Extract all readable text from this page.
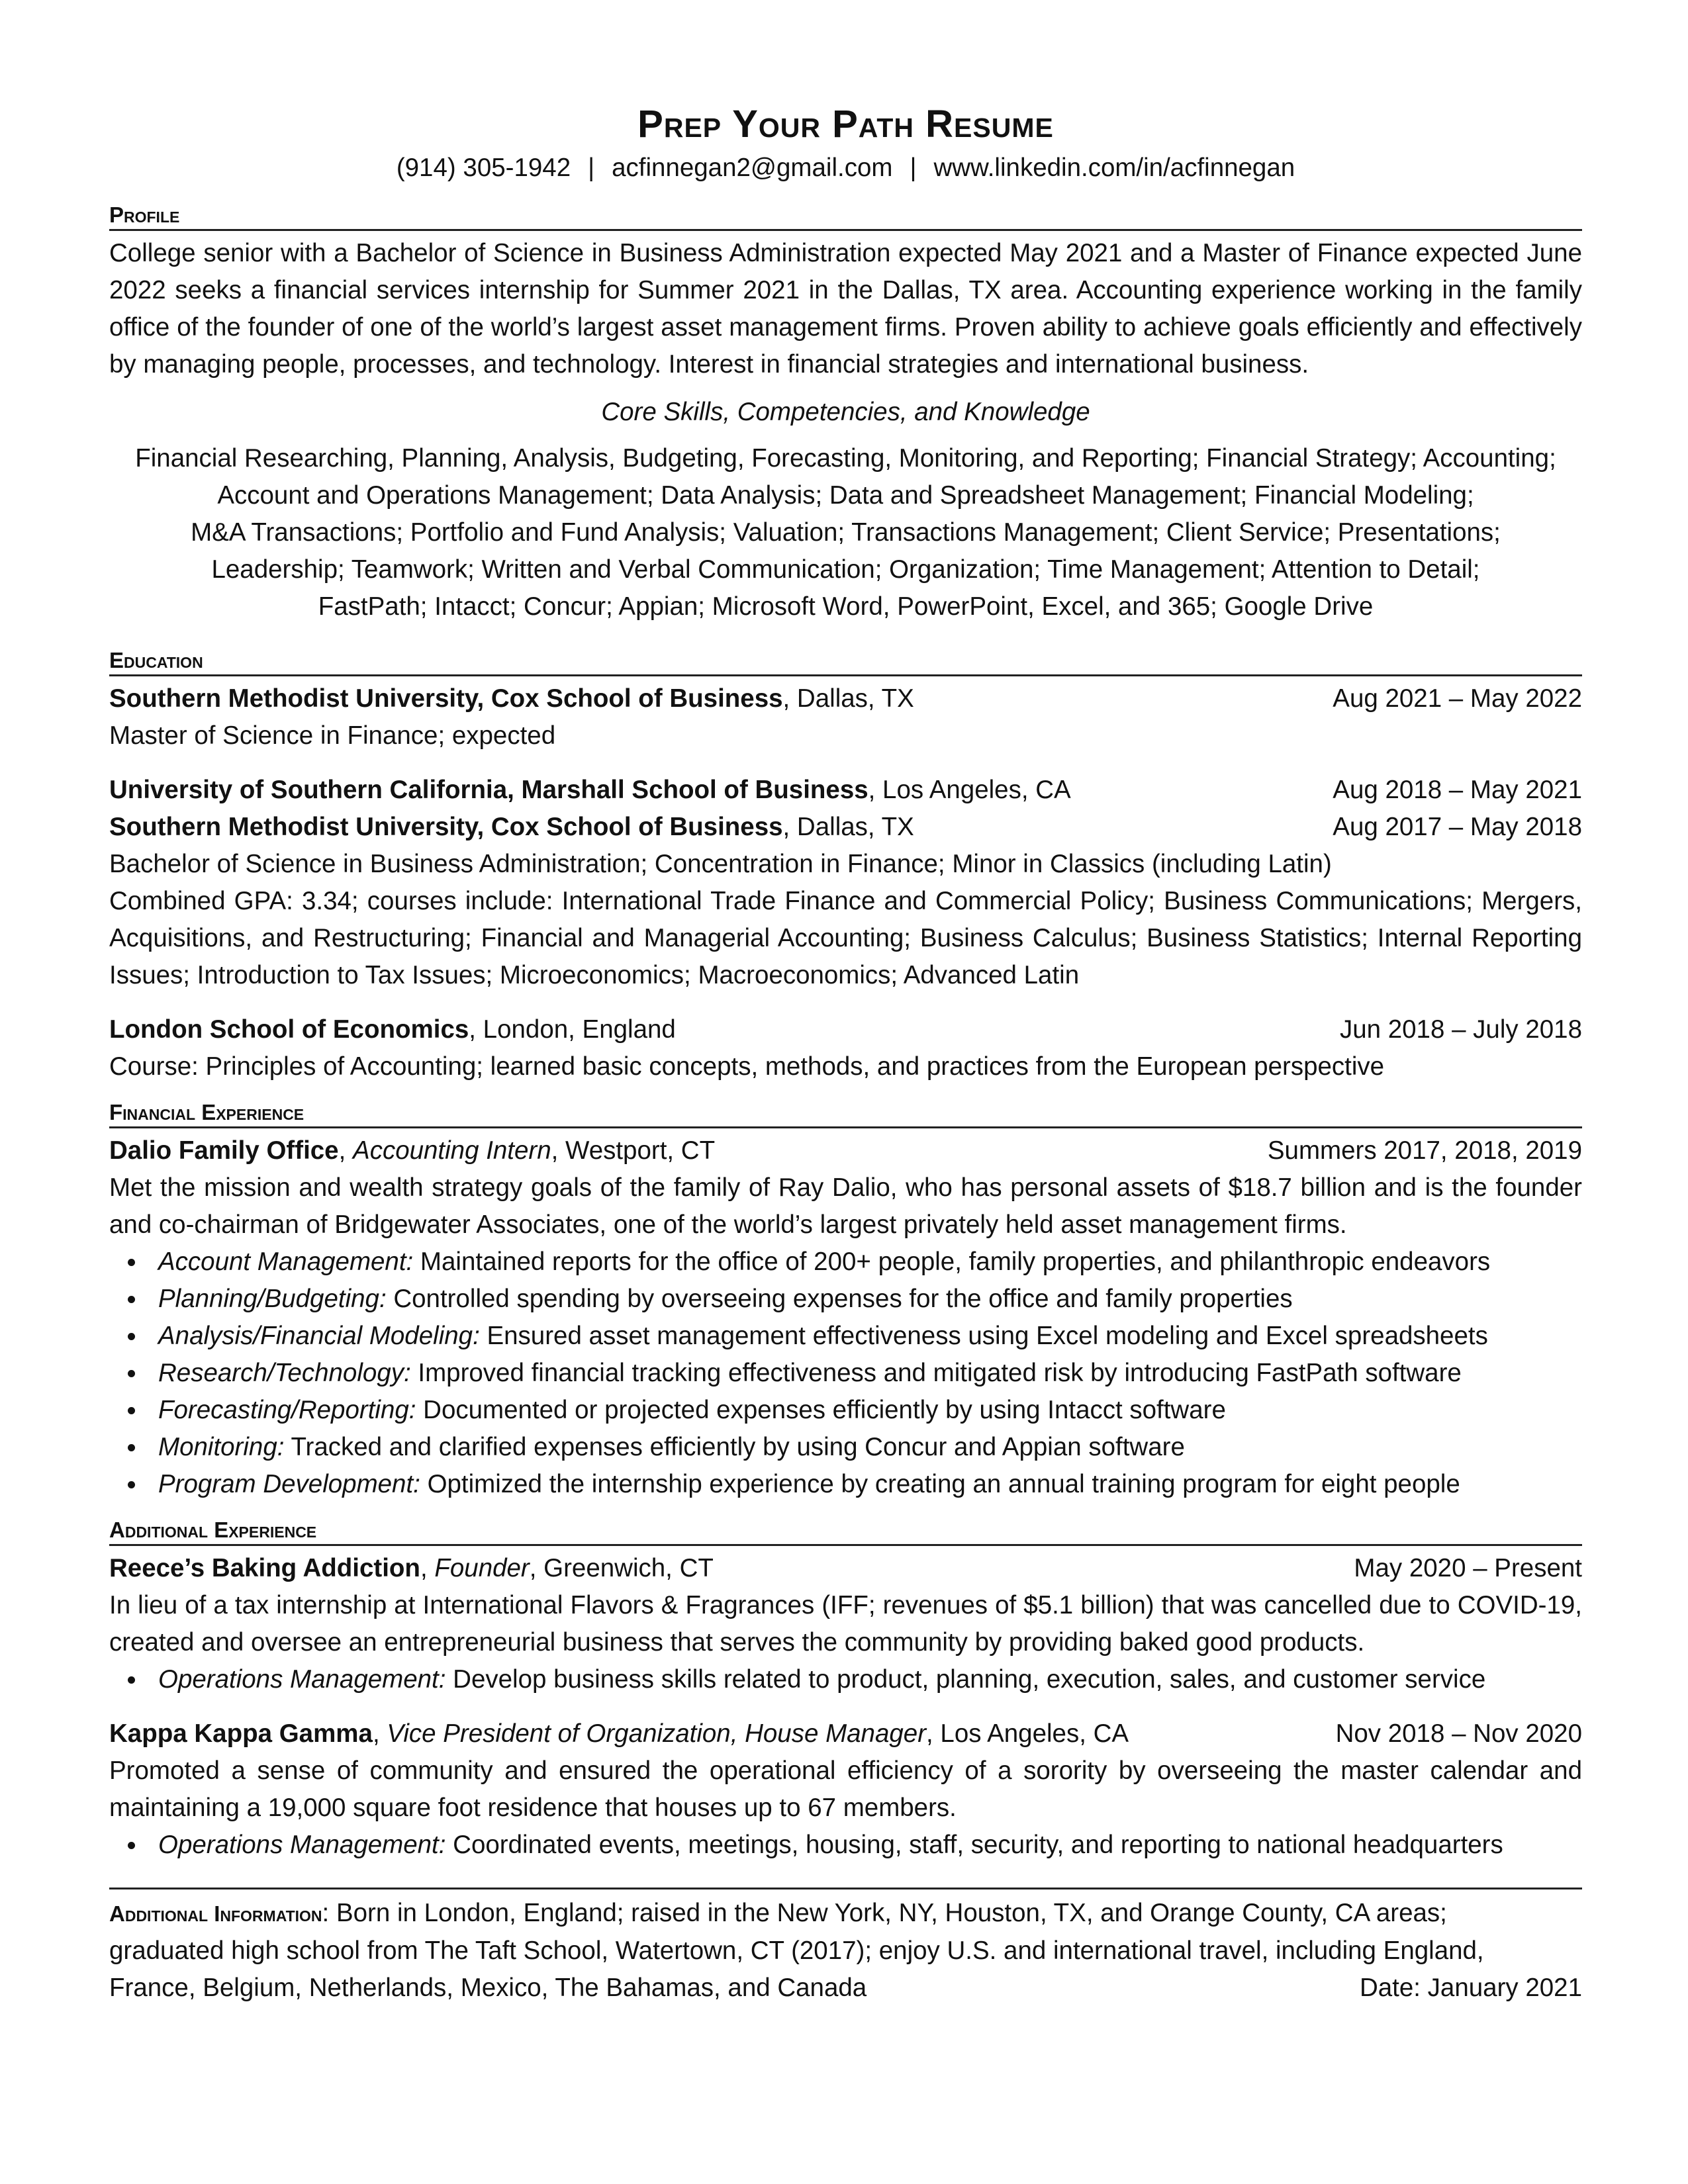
Prep Your Path Resume
(914) 305-1942 | acfinnegan2@gmail.com | www.linkedin.com/in/acfinnegan
Profile
College senior with a Bachelor of Science in Business Administration expected May 2021 and a Master of Finance expected June 2022 seeks a financial services internship for Summer 2021 in the Dallas, TX area. Accounting experience working in the family office of the founder of one of the world’s largest asset management firms. Proven ability to achieve goals efficiently and effectively by managing people, processes, and technology. Interest in financial strategies and international business.
Core Skills, Competencies, and Knowledge
Financial Researching, Planning, Analysis, Budgeting, Forecasting, Monitoring, and Reporting; Financial Strategy; Accounting;
Account and Operations Management; Data Analysis; Data and Spreadsheet Management; Financial Modeling;
M&A Transactions; Portfolio and Fund Analysis; Valuation; Transactions Management; Client Service; Presentations;
Leadership; Teamwork; Written and Verbal Communication; Organization; Time Management; Attention to Detail;
FastPath; Intacct; Concur; Appian; Microsoft Word, PowerPoint, Excel, and 365; Google Drive
Education
Southern Methodist University, Cox School of Business, Dallas, TX	Aug 2021 – May 2022
Master of Science in Finance; expected
University of Southern California, Marshall School of Business, Los Angeles, CA	Aug 2018 – May 2021
Southern Methodist University, Cox School of Business, Dallas, TX	Aug 2017 – May 2018
Bachelor of Science in Business Administration; Concentration in Finance; Minor in Classics (including Latin)
Combined GPA: 3.34; courses include: International Trade Finance and Commercial Policy; Business Communications; Mergers, Acquisitions, and Restructuring; Financial and Managerial Accounting; Business Calculus; Business Statistics; Internal Reporting Issues; Introduction to Tax Issues; Microeconomics; Macroeconomics; Advanced Latin
London School of Economics, London, England	Jun 2018 – July 2018
Course: Principles of Accounting; learned basic concepts, methods, and practices from the European perspective
Financial Experience
Dalio Family Office, Accounting Intern, Westport, CT	Summers 2017, 2018, 2019
Met the mission and wealth strategy goals of the family of Ray Dalio, who has personal assets of $18.7 billion and is the founder and co-chairman of Bridgewater Associates, one of the world’s largest privately held asset management firms.
Account Management: Maintained reports for the office of 200+ people, family properties, and philanthropic endeavors
Planning/Budgeting: Controlled spending by overseeing expenses for the office and family properties
Analysis/Financial Modeling: Ensured asset management effectiveness using Excel modeling and Excel spreadsheets
Research/Technology: Improved financial tracking effectiveness and mitigated risk by introducing FastPath software
Forecasting/Reporting: Documented or projected expenses efficiently by using Intacct software
Monitoring: Tracked and clarified expenses efficiently by using Concur and Appian software
Program Development: Optimized the internship experience by creating an annual training program for eight people
Additional Experience
Reece’s Baking Addiction, Founder, Greenwich, CT	May 2020 – Present
In lieu of a tax internship at International Flavors & Fragrances (IFF; revenues of $5.1 billion) that was cancelled due to COVID-19, created and oversee an entrepreneurial business that serves the community by providing baked good products.
Operations Management: Develop business skills related to product, planning, execution, sales, and customer service
Kappa Kappa Gamma, Vice President of Organization, House Manager, Los Angeles, CA	Nov 2018 – Nov 2020
Promoted a sense of community and ensured the operational efficiency of a sorority by overseeing the master calendar and maintaining a 19,000 square foot residence that houses up to 67 members.
Operations Management: Coordinated events, meetings, housing, staff, security, and reporting to national headquarters
Additional Information: Born in London, England; raised in the New York, NY, Houston, TX, and Orange County, CA areas;
graduated high school from The Taft School, Watertown, CT (2017); enjoy U.S. and international travel, including England,
France, Belgium, Netherlands, Mexico, The Bahamas, and Canada	Date: January 2021
